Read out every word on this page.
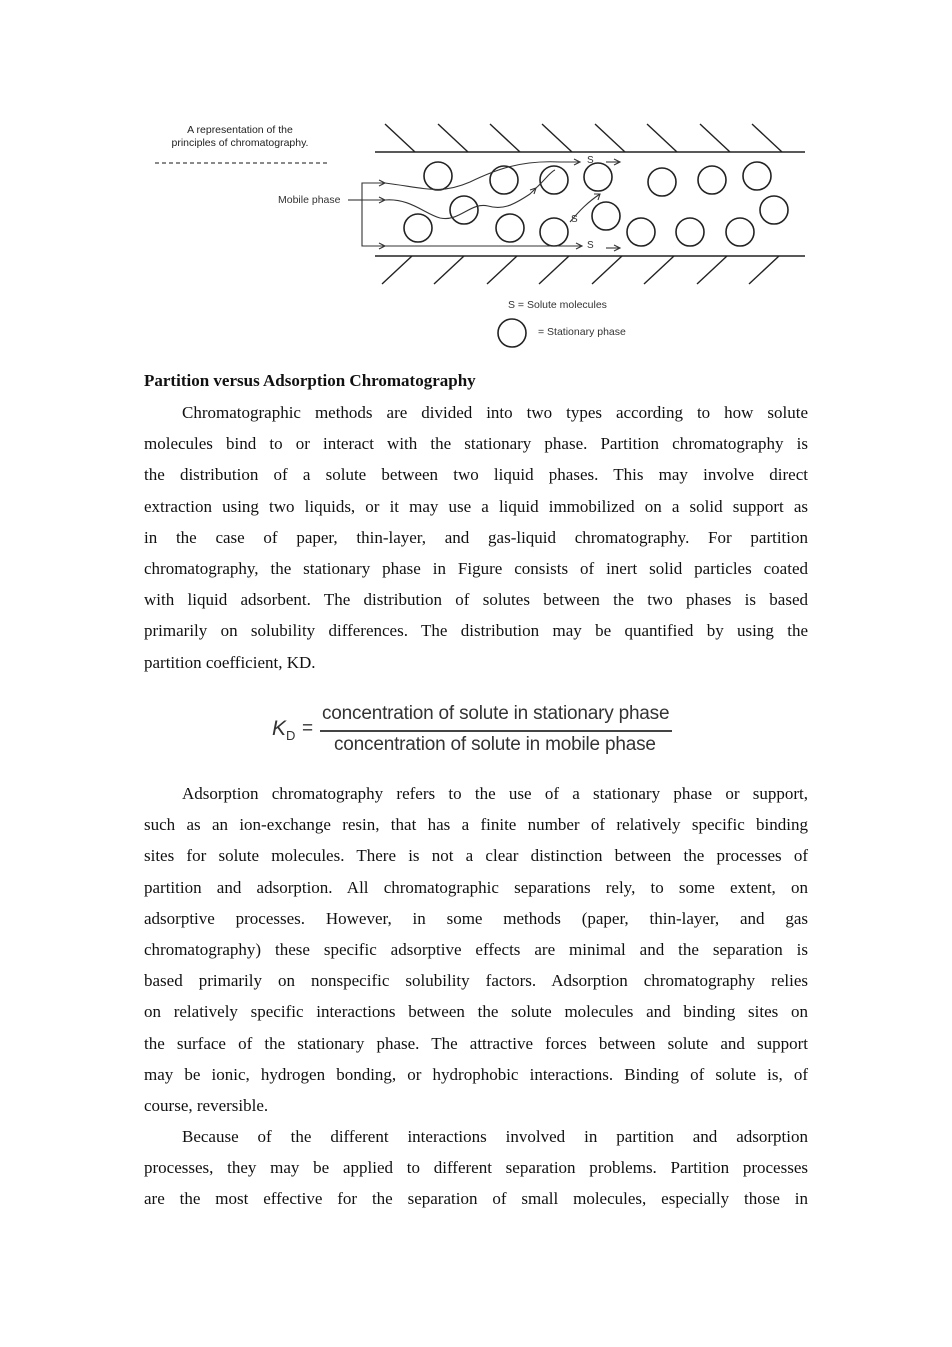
A representation of the
principles of chromatography.
Mobile phase
S
S
S
S = Solute molecules
= Stationary phase
Partition versus Adsorption Chromatography
Chromatographic methods are divided into two types according to how solute
molecules bind to or interact with the stationary phase. Partition chromatography is
the distribution of a solute between two liquid phases. This may involve direct
extraction using two liquids, or it may use a liquid immobilized on a solid support as
in the case of paper, thin-layer, and gas-liquid chromatography. For partition
chromatography, the stationary phase in Figure consists of inert solid particles coated
with liquid adsorbent. The distribution of solutes between the two phases is based
primarily on solubility differences. The distribution may be quantified by using the
partition coefficient, KD.
$K_D$ =
concentration of solute in stationary phase
concentration of solute in mobile phase
Adsorption chromatography refers to the use of a stationary phase or support,
such as an ion-exchange resin, that has a finite number of relatively specific binding
sites for solute molecules. There is not a clear distinction between the processes of
partition and adsorption. All chromatographic separations rely, to some extent, on
adsorptive processes. However, in some methods (paper, thin-layer, and gas
chromatography) these specific adsorptive effects are minimal and the separation is
based primarily on nonspecific solubility factors. Adsorption chromatography relies
on relatively specific interactions between the solute molecules and binding sites on
the surface of the stationary phase. The attractive forces between solute and support
may be ionic, hydrogen bonding, or hydrophobic interactions. Binding of solute is, of
course, reversible.
Because of the different interactions involved in partition and adsorption
processes, they may be applied to different separation problems. Partition processes
are the most effective for the separation of small molecules, especially those in
